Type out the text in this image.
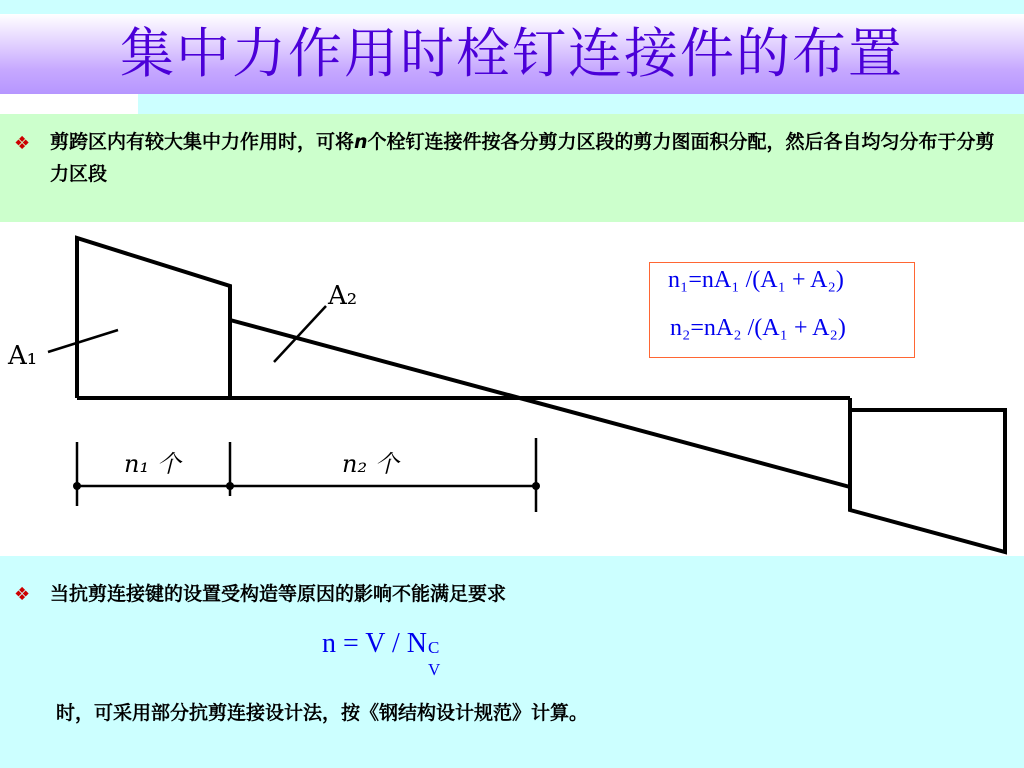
集中力作用时栓钉连接件的布置
❖ 剪跨区内有较大集中力作用时，可将n个栓钉连接件按各分剪力区段的剪力图面积分配，然后各自均匀分布于分剪力区段
A₁
A₂
n₁ 个	n₂ 个
n₁=nA₁ /(A₁ + A₂)
n₂=nA₂ /(A₁ + A₂)
❖ 当抗剪连接键的设置受构造等原因的影响不能满足要求
n = V / N C
V
时，可采用部分抗剪连接设计法，按《钢结构设计规范》计算。
